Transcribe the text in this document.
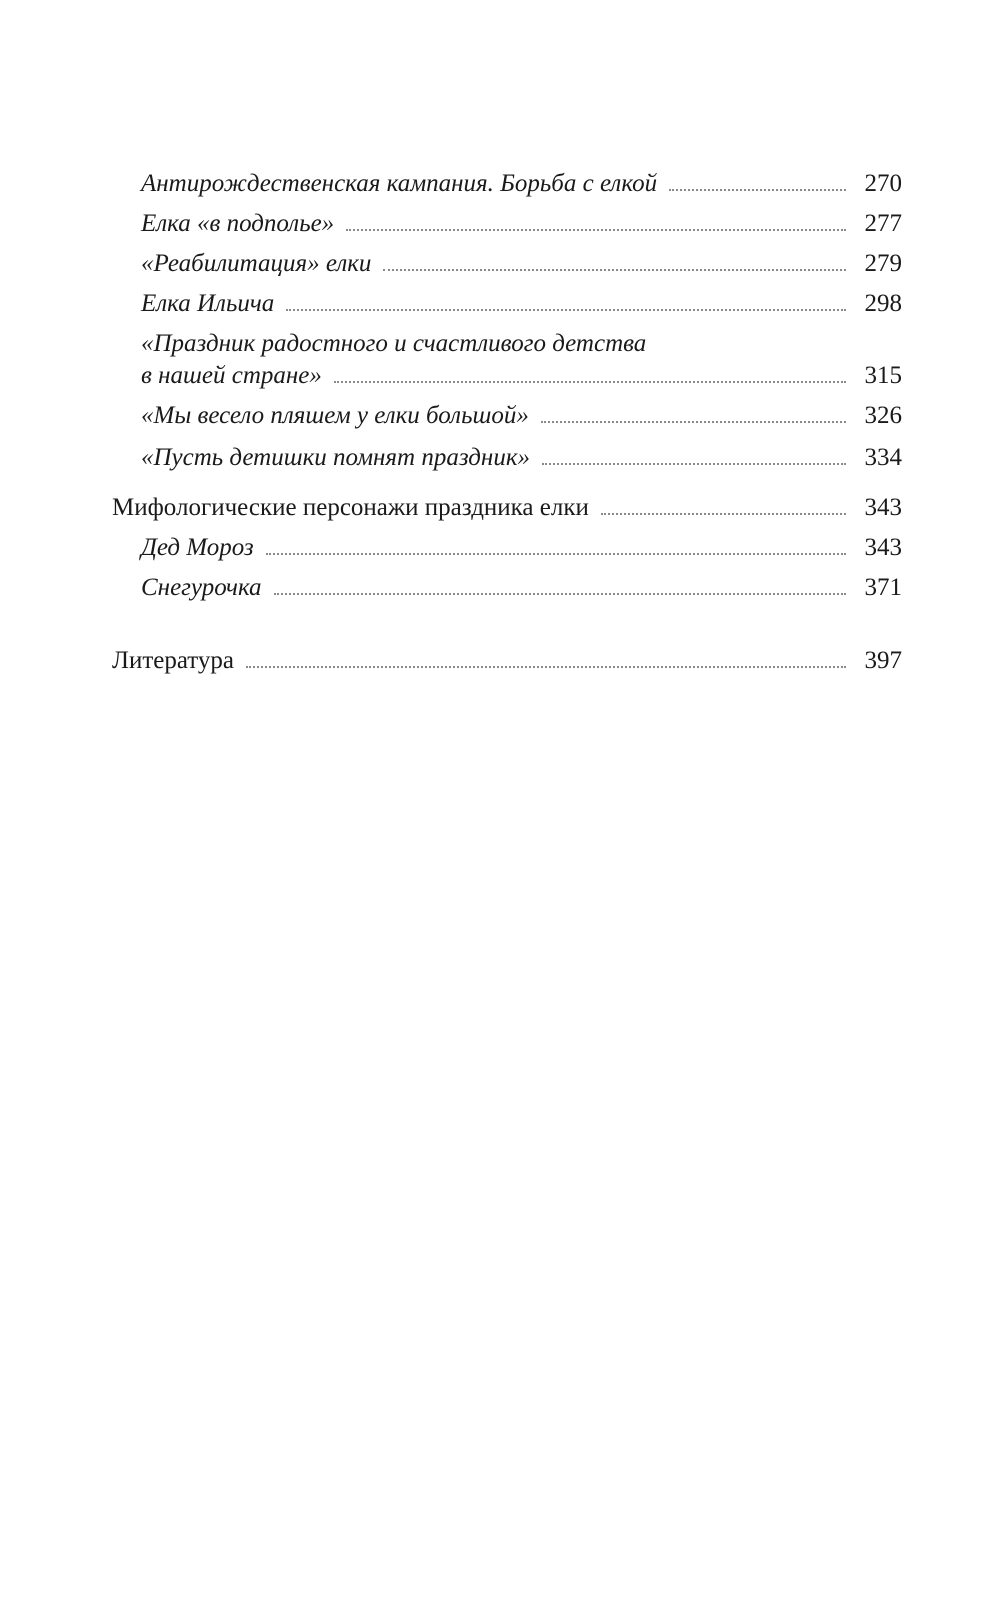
Антирождественская кампания. Борьба с елкой	270
Елка «в подполье»	277
«Реабилитация» елки	279
Елка Ильича	298
«Праздник радостного и счастливого детства
в нашей стране»	315
«Мы весело пляшем у елки большой»	326
«Пусть детишки помнят праздник»	334
Мифологические персонажи праздника елки	343
Дед Мороз	343
Снегурочка	371
Литература	397
